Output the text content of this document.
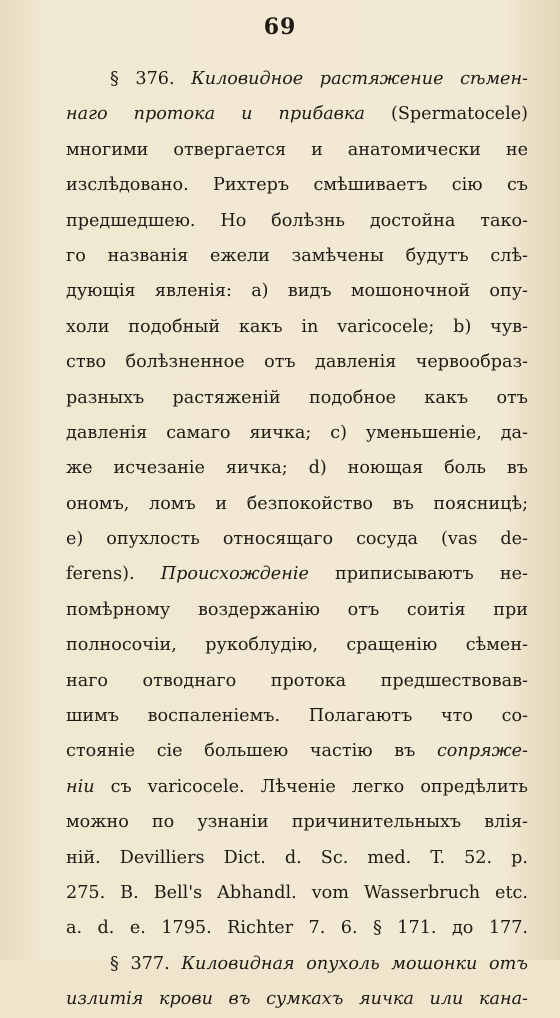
69
§ 376. Киловидное растяжение сѣмен-
наго протока и прибавка (Spermatocele)
многими отвергается и анатомически не
изслѣдовано. Рихтеръ смѣшиваетъ сію съ
предшедшею. Но болѣзнь достойна тако-
го названія ежели замѣчены будутъ слѣ-
дующія явленія: a) видъ мошоночной опу-
холи подобный какъ in varicocele; b) чув-
ство болѣзненное отъ давленія червообраз-
разныхъ растяженій подобное какъ отъ
давленія самаго яичка; c) уменьшеніе, да-
же исчезаніе яичка; d) ноющая боль въ
ономъ, ломъ и безпокойство въ поясницѣ;
e) опухлость относящаго сосуда (vas de-
ferens). Происхожденіе приписываютъ не-
помѣрному воздержанію отъ соитія при
полносочіи, рукоблудію, сращенію сѣмен-
наго отводнаго протока предшествовав-
шимъ воспаленіемъ. Полагаютъ что со-
стояніе сіе большею частію въ сопряже-
ніи съ varicocele. Лѣченіе легко опредѣлить
можно по узнаніи причинительныхъ влія-
ній. Devilliers Dict. d. Sc. med. T. 52. p.
275. B. Bell's Abhandl. vom Wasserbruch etc.
a. d. e. 1795. Richter 7. 6. § 171. до 177.
§ 377. Киловидная опухоль мошонки отъ
излитія крови въ сумкахъ яичка или кана-
